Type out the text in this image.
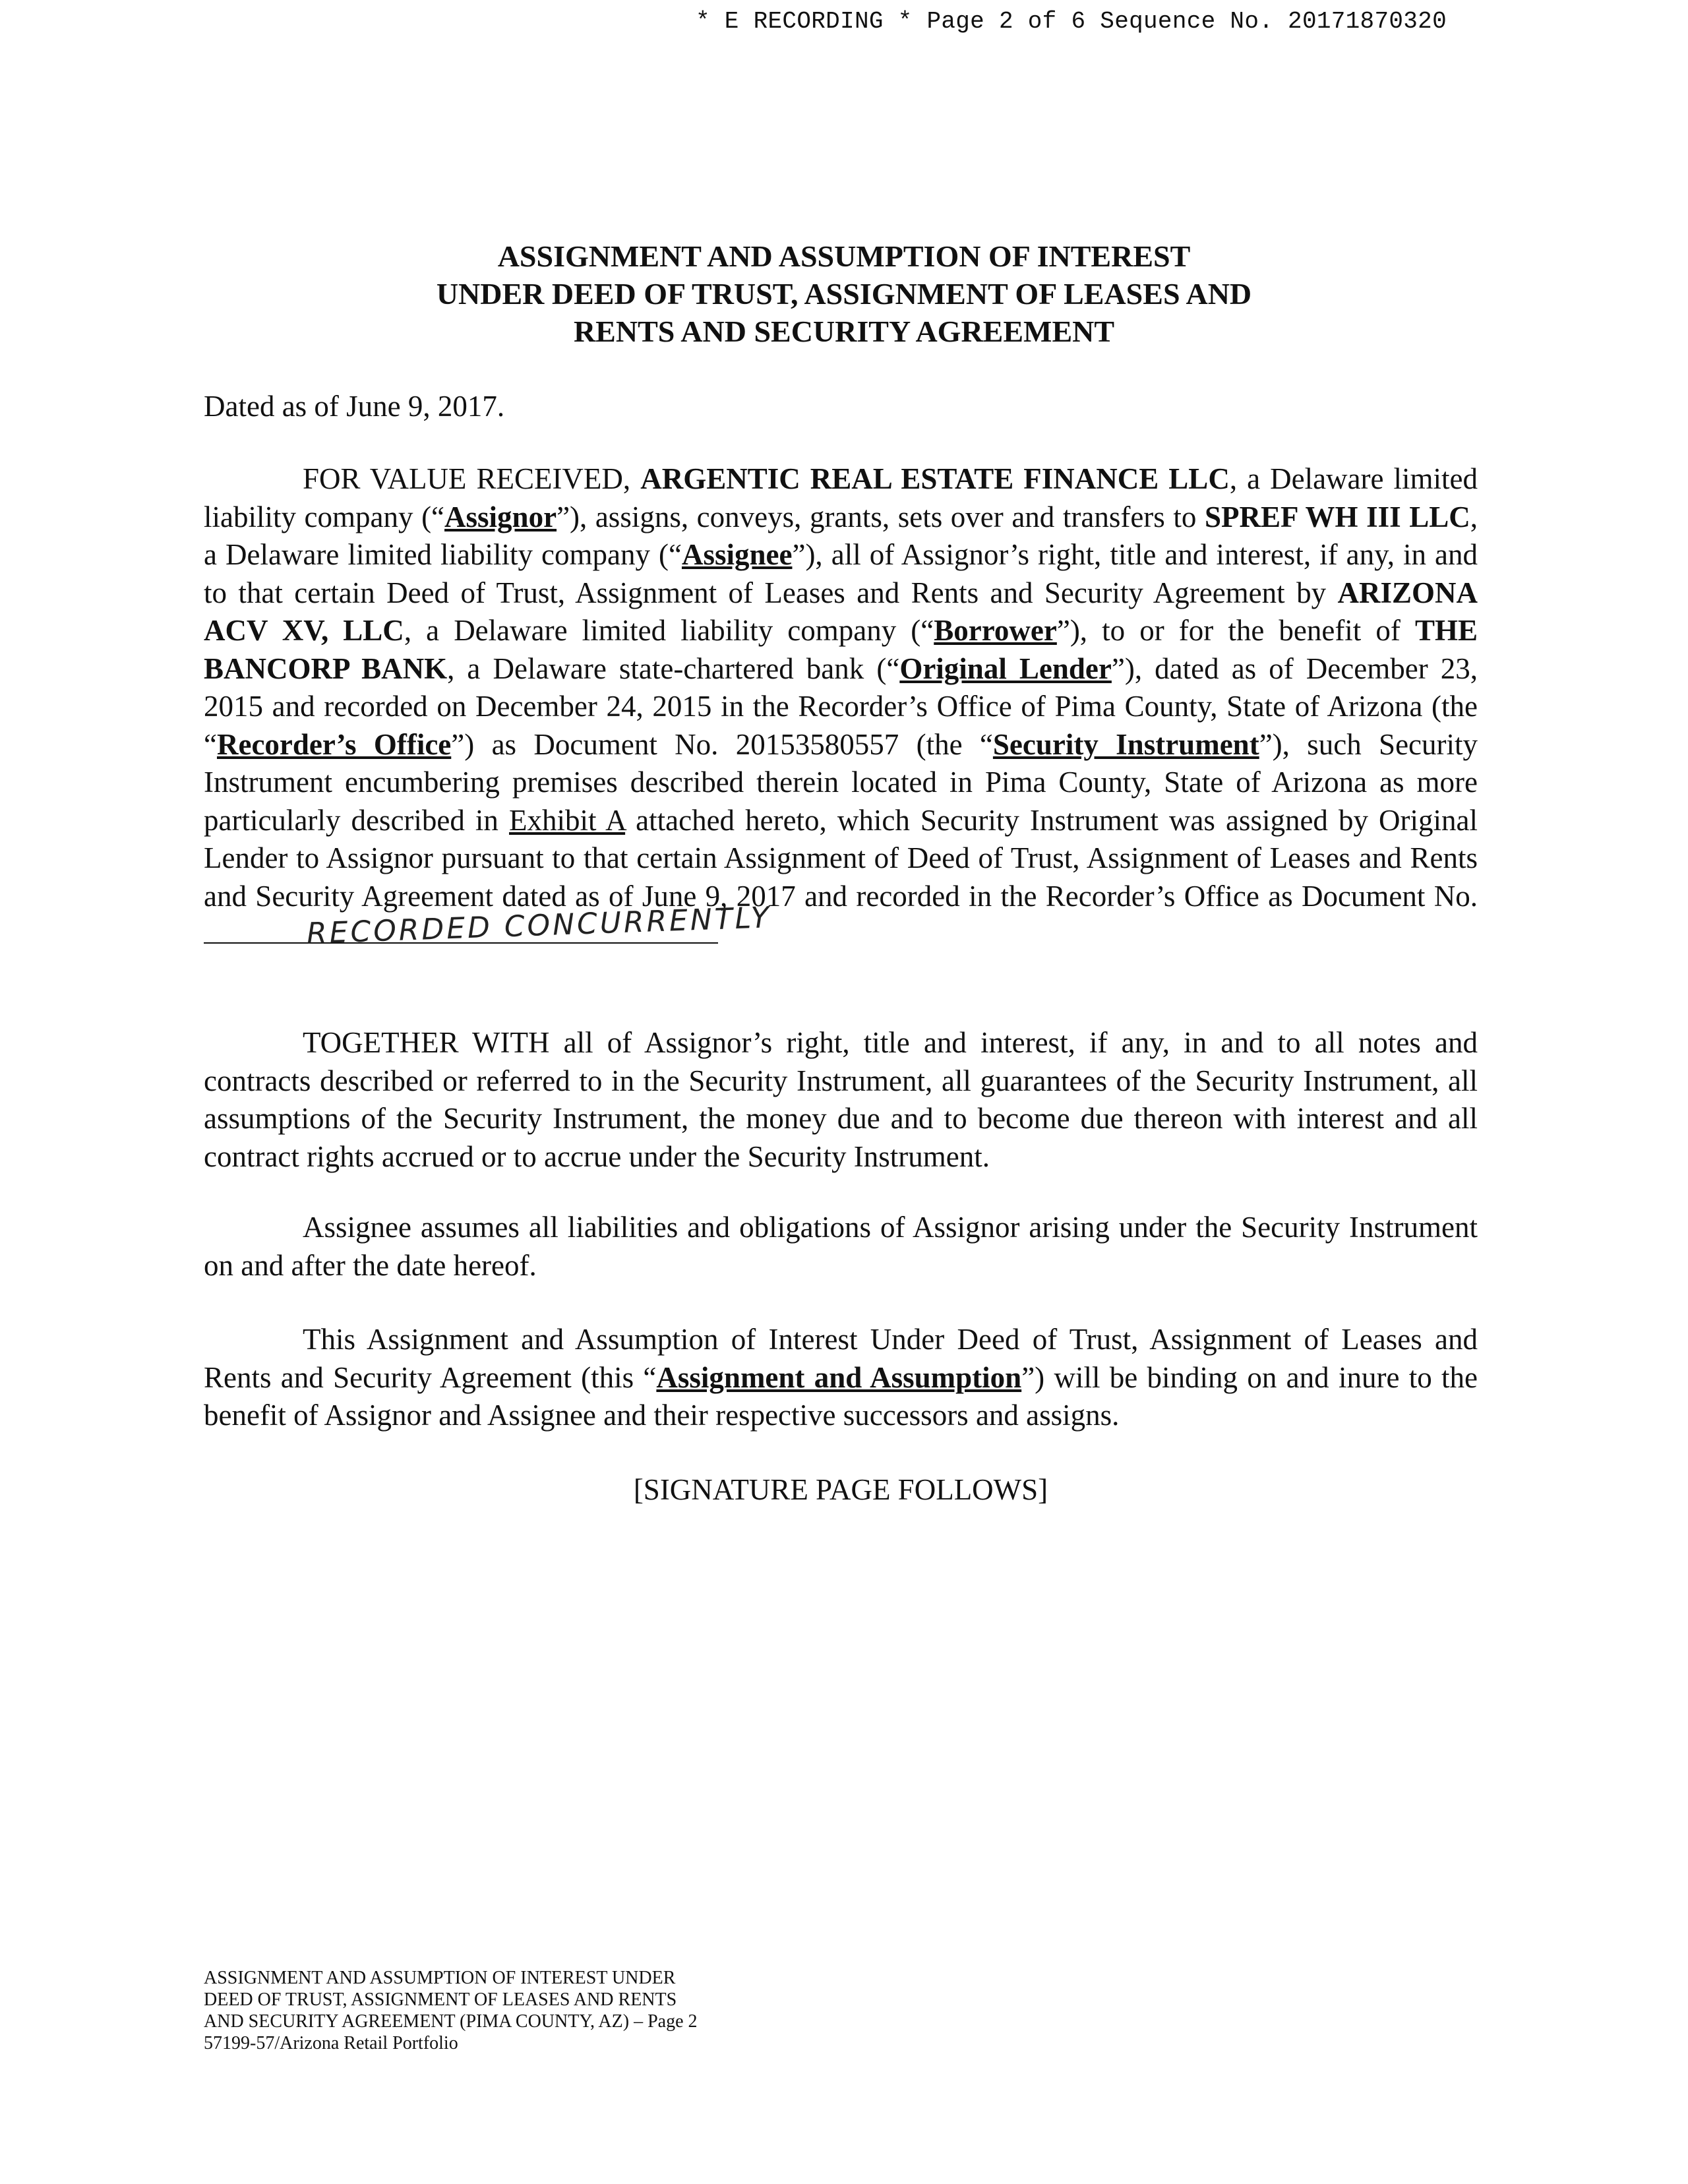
* E RECORDING * Page 2 of 6 Sequence No. 20171870320
ASSIGNMENT AND ASSUMPTION OF INTEREST
UNDER DEED OF TRUST, ASSIGNMENT OF LEASES AND
RENTS AND SECURITY AGREEMENT
Dated as of June 9, 2017.
FOR VALUE RECEIVED, ARGENTIC REAL ESTATE FINANCE LLC, a Delaware limited liability company (“Assignor”), assigns, conveys, grants, sets over and transfers to SPREF WH III LLC, a Delaware limited liability company (“Assignee”), all of Assignor’s right, title and interest, if any, in and to that certain Deed of Trust, Assignment of Leases and Rents and Security Agreement by ARIZONA ACV XV, LLC, a Delaware limited liability company (“Borrower”), to or for the benefit of THE BANCORP BANK, a Delaware state-chartered bank (“Original Lender”), dated as of December 23, 2015 and recorded on December 24, 2015 in the Recorder’s Office of Pima County, State of Arizona (the “Recorder’s Office”) as Document No. 20153580557 (the “Security Instrument”), such Security Instrument encumbering premises described therein located in Pima County, State of Arizona as more particularly described in Exhibit A attached hereto, which Security Instrument was assigned by Original Lender to Assignor pursuant to that certain Assignment of Deed of Trust, Assignment of Leases and Rents and Security Agreement dated as of June 9, 2017 and recorded in the Recorder’s Office as Document No.
RECORDED CONCURRENTLY
TOGETHER WITH all of Assignor’s right, title and interest, if any, in and to all notes and contracts described or referred to in the Security Instrument, all guarantees of the Security Instrument, all assumptions of the Security Instrument, the money due and to become due thereon with interest and all contract rights accrued or to accrue under the Security Instrument.
Assignee assumes all liabilities and obligations of Assignor arising under the Security Instrument on and after the date hereof.
This Assignment and Assumption of Interest Under Deed of Trust, Assignment of Leases and Rents and Security Agreement (this “Assignment and Assumption”) will be binding on and inure to the benefit of Assignor and Assignee and their respective successors and assigns.
[SIGNATURE PAGE FOLLOWS]
ASSIGNMENT AND ASSUMPTION OF INTEREST UNDER
DEED OF TRUST, ASSIGNMENT OF LEASES AND RENTS
AND SECURITY AGREEMENT (PIMA COUNTY, AZ) – Page 2
57199-57/Arizona Retail Portfolio
